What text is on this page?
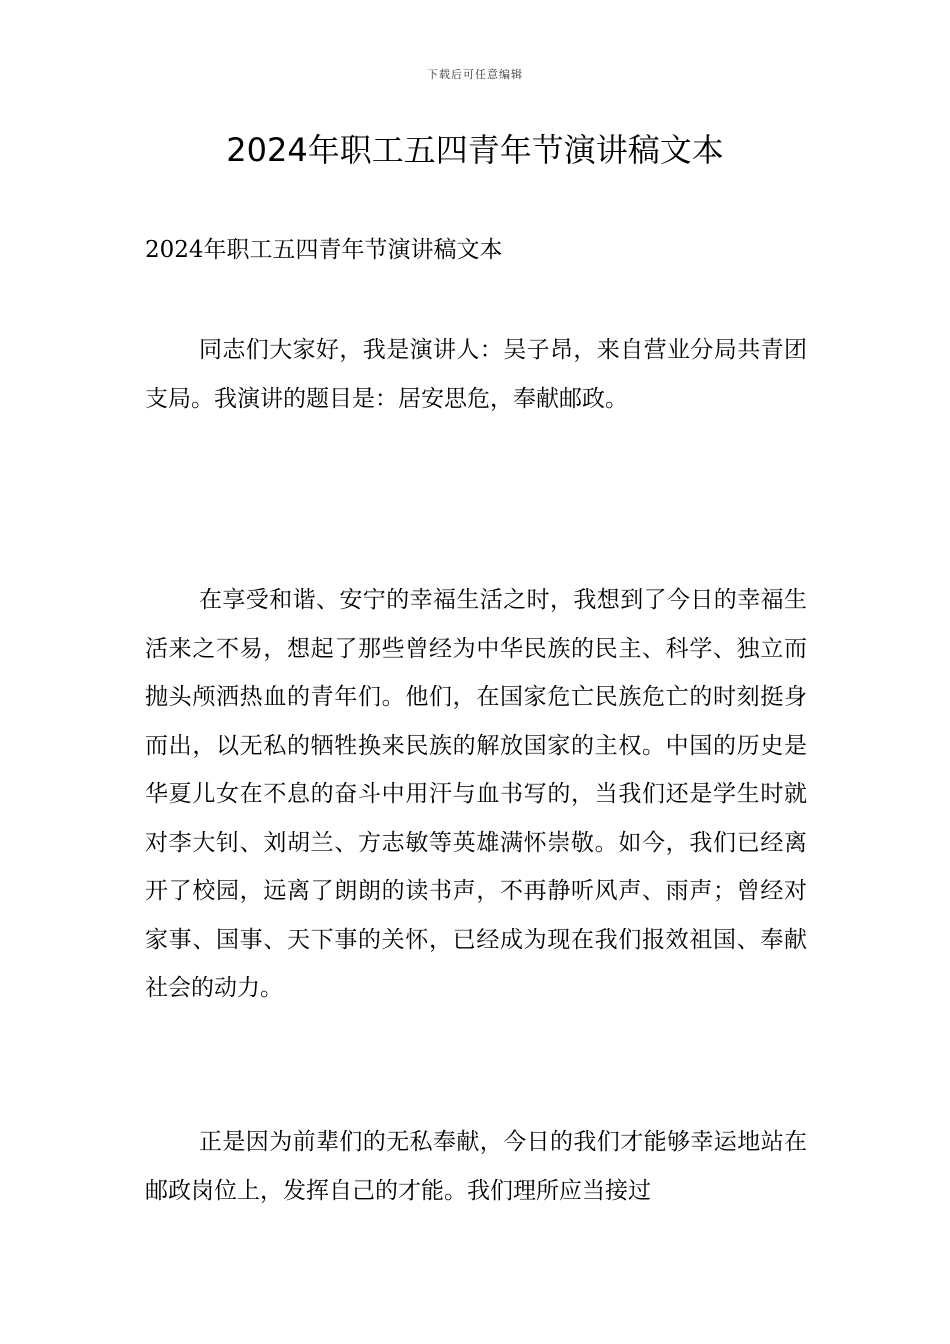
下载后可任意编辑
2024年职工五四青年节演讲稿文本

2024年职工五四青年节演讲稿文本

同志们大家好，我是演讲人：吴子昂，来自营业分局共青团支局。我演讲的题目是：居安思危，奉献邮政。

在享受和谐、安宁的幸福生活之时，我想到了今日的幸福生活来之不易，想起了那些曾经为中华民族的民主、科学、独立而抛头颅洒热血的青年们。他们，在国家危亡民族危亡的时刻挺身而出，以无私的牺牲换来民族的解放国家的主权。中国的历史是华夏儿女在不息的奋斗中用汗与血书写的，当我们还是学生时就对李大钊、刘胡兰、方志敏等英雄满怀崇敬。如今，我们已经离开了校园，远离了朗朗的读书声，不再静听风声、雨声；曾经对家事、国事、天下事的关怀，已经成为现在我们报效祖国、奉献社会的动力。

正是因为前辈们的无私奉献，今日的我们才能够幸运地站在邮政岗位上，发挥自己的才能。我们理所应当接过
